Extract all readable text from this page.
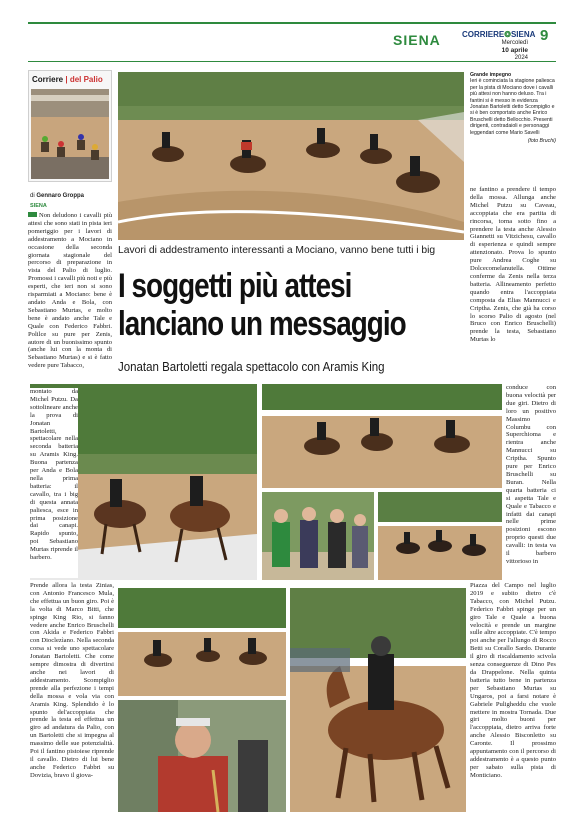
SIENA	CORRIERE❂SIENA
Mercoledì
10 aprile
2024
9
Corriere | del Palio
di Gennaro Groppa
SIENA
Grande impegno
Ieri è cominciata la stagione paliesca per la pista di Mociano dove i cavalli più attesi non hanno deluso. Tra i fantini si è messo in evidenza Jonatan Bartoletti detto Scompiglio e si è ben comportato anche Enrico Bruschelli detto Bellocchio. Presenti dirigenti, contradaioli e personaggi leggendari come Mario Savelli
(foto Bruchi)
Lavori di addestramento interessanti a Mociano, vanno bene tutti i big
I soggetti più attesi
lanciano un messaggio
Jonatan Bartoletti regala spettacolo con Aramis King
Non deludono i cavalli più attesi che sono stati in pista ieri pomeriggio per i lavori di addestramento a Mociano in occasione della seconda giornata stagionale del percorso di preparazione in vista del Palio di luglio. Promossi i cavalli più noti e più esperti, che ieri non si sono risparmiati a Mociano: bene è andato Anda e Bola, con Sebastiano Murtas, e molto bene è andato anche Tale e Quale con Federico Fabbri. Polilce su pure per Zenis, autore di un buonissimo spunto (anche lui con la monta di Sebastiano Murtas) e si è fatto vedere pure Tabacco,
montato da Michel Putzu. Da sottolineare anche la prova di Jonatan Bartoletti, spettacolare nella seconda batteria su Aramis King. Buona partenza per Anda e Bola nella prima batteria: il cavallo, tra i big di questa annata paliesca, esce in prima posizione dai canapi. Rapido spunto, poi Sebastiano Murtas riprende il barbero.
Prende allora la testa Zinias, con Antonio Francesco Mula, che effettua un buon giro. Poi è la volta di Marco Bitti, che spinge King Rio, si fanno vedere anche Enrico Bruschelli con Akida e Federico Fabbri con Dioclezìano. Nella seconda corsa si vede uno spettacolare Jonatan Bartoletti. Che come sempre dimostra di divertirsi anche nei lavori di addestramento. Scompiglio prende alla perfezione i tempi della mossa e vola via con Aramis King. Splendido è lo spunto del'accoppiata che prende la testa ed effettua un giro ad andatura da Palio, con un Bartoletti che si impegna al massimo delle sue potenzialità. Poi il fantino pistoiese riprende il cavallo. Dietro di lui bene anche Federico Fabbri su Dovizia, bravo il giova-
ne fantino a prendere il tempo della mossa. Allunga anche Michel Putzu su Caveau, accoppiata che era partita di rincorsa, torna sotto fino a prendere la testa anche Alessio Giannetti su Vitzichesu, cavallo di esperienza e quindi sempre attenzionato. Prova lo spunto pure Andrea Coghe su Dolcecomelanutella. Ottime conferme da Zenis nella terza batteria. Allineamento perfetto quando entra l'accoppiata composta da Elias Mannucci e Criptha. Zenis, che già ha corso lo scorso Palio di agosto (nel Bruco con Enrico Bruschelli) prende la testa, Sebastiano Murtas lo
conduce con buona velocità per due giri. Dietro di loro un positivo Massimo Columbu con Superchioma e rientra anche Mannucci su Criptha. Spunto pure per Enrico Bruschelli su Buran. Nella quarta batteria ci si aspetta Tale e Quale e Tabacco e infatti dai canapi nelle prime posizioni escono proprio questi due cavalli: in testa va il barbero vittorioso in
Piazza del Campo nel luglio 2019 e subito dietro c'è Tabacco, con Michel Putzu. Federico Fabbri spinge per un giro Tale e Quale a buona velocità e prende un margine sulle altre accoppiate. C'è tempo poi anche per l'allungo di Rocco Betti su Corallo Sardo. Durante il giro di riscaldamento scivola senza conseguenze di Dino Pes da Drappelone. Nella quinta batteria tutto bene in partenza per Sebastiano Murtas su Ungaros, poi a farsi notare è Gabriele Puligheddu che vuole mettere in mostra Tornada. Due giri molto buoni per l'accoppiata, dietro arriva forte anche Alessio Bisconletto su Caronte. Il prossimo appuntamento con il percorso di addestramento è a questo punto per sabato sulla pista di Monticiano.
